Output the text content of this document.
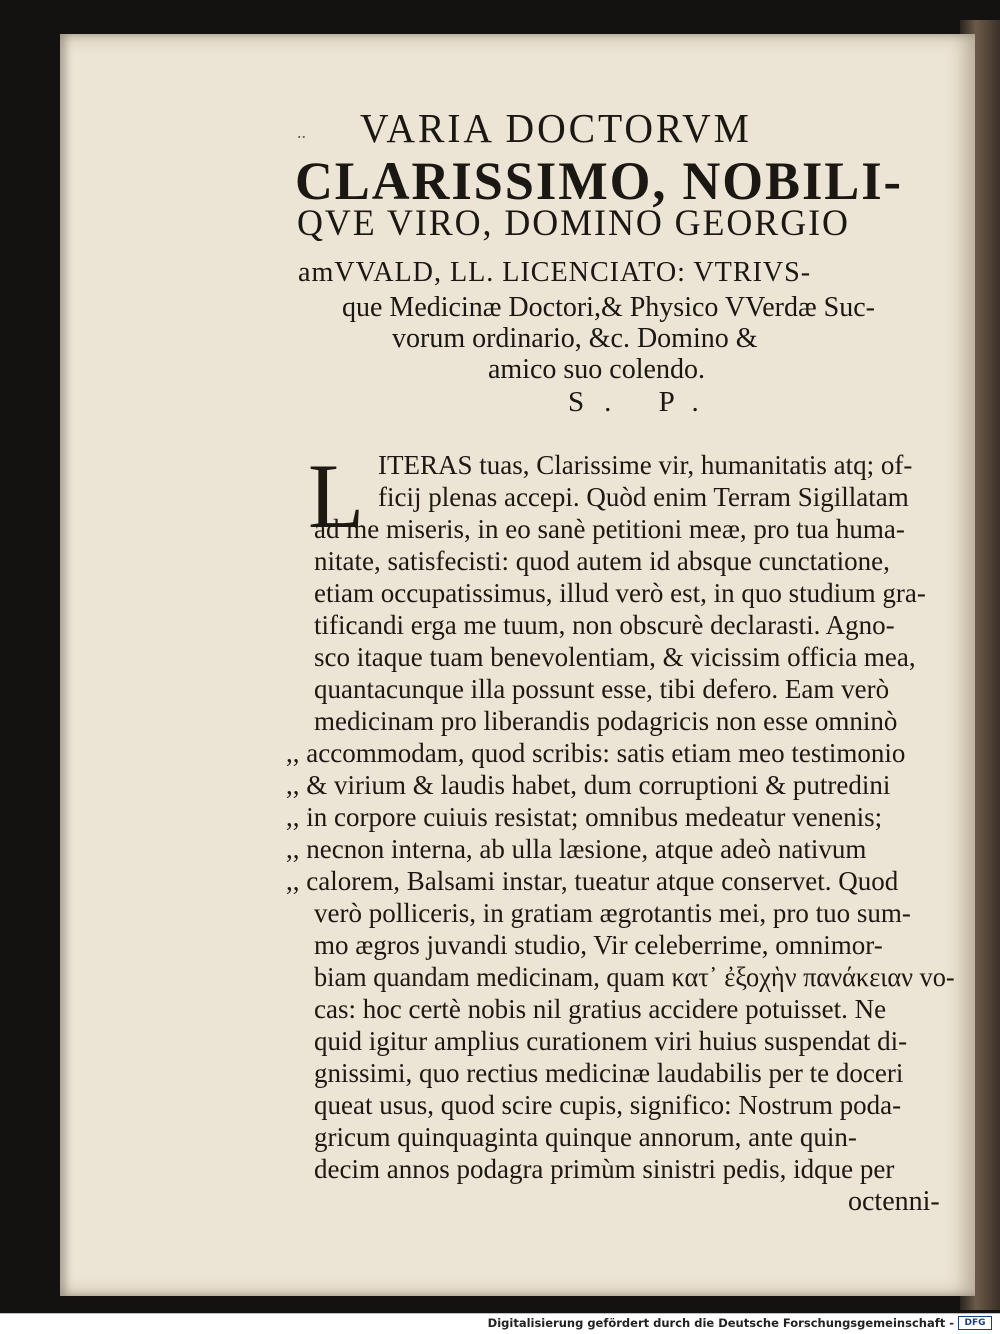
.. VARIA DOCTORVM
CLARISSIMO, NOBILI-
QVE VIRO, DOMINO GEORGIO
amVVALD, LL. LICENCIATO: VTRIVS-
que Medicinæ Doctori,& Physico VVerdæ Suc-
vorum ordinario, &c. Domino &
amico suo colendo.
S. P.
L ITERAS tuas, Clarissime vir, humanitatis atq; of-
ficij plenas accepi. Quòd enim Terram Sigillatam
ad me miseris, in eo sanè petitioni meæ, pro tua huma-
nitate, satisfecisti: quod autem id absque cunctatione,
etiam occupatissimus, illud verò est, in quo studium gra-
tificandi erga me tuum, non obscurè declarasti. Agno-
sco itaque tuam benevolentiam, & vicissim officia mea,
quantacunque illa possunt esse, tibi defero. Eam verò
medicinam pro liberandis podagricis non esse omninò
,, accommodam, quod scribis: satis etiam meo testimonio
,, & virium & laudis habet, dum corruptioni & putredini
,, in corpore cuiuis resistat; omnibus medeatur venenis;
,, necnon interna, ab ulla læsione, atque adeò nativum
,, calorem, Balsami instar, tueatur atque conservet. Quod
verò polliceris, in gratiam ægrotantis mei, pro tuo sum-
mo ægros juvandi studio, Vir celeberrime, omnimor-
biam quandam medicinam, quam κατ᾽ ἐξοχὴν πανάκειαν vo-
cas: hoc certè nobis nil gratius accidere potuisset. Ne
quid igitur amplius curationem viri huius suspendat di-
gnissimi, quo rectius medicinæ laudabilis per te doceri
queat usus, quod scire cupis, significo: Nostrum poda-
gricum quinquaginta quinque annorum, ante quin-
decim annos podagra primùm sinistri pedis, idque per
octenni-
Digitalisierung gefördert durch die Deutsche Forschungsgemeinschaft -	DFG
